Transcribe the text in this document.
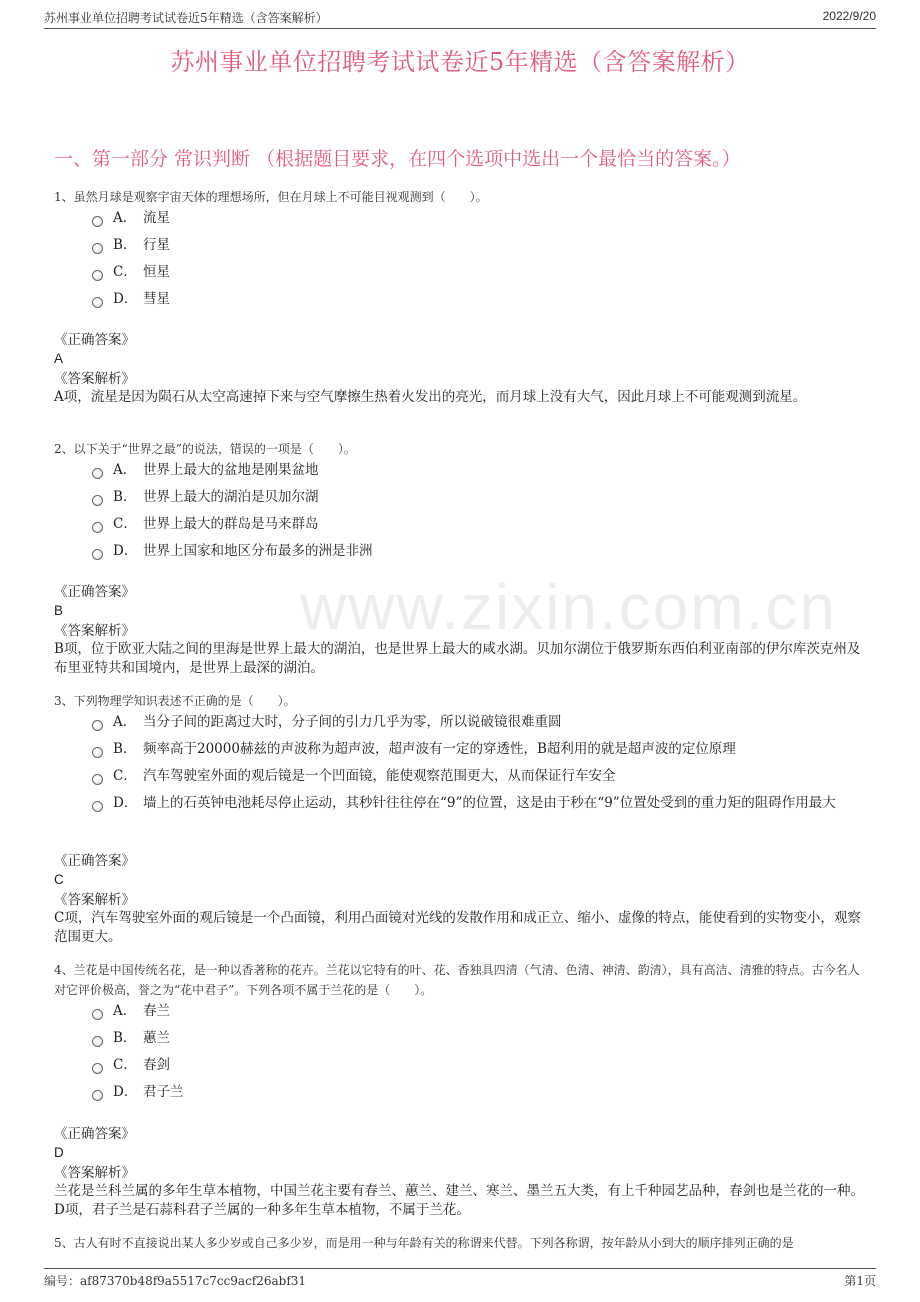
苏州事业单位招聘考试试卷近5年精选（含答案解析）	2022/9/20
www.zixin.com.cn
苏州事业单位招聘考试试卷近5年精选（含答案解析）
一、第一部分 常识判断 （根据题目要求，在四个选项中选出一个最恰当的答案。）
1、虽然月球是观察宇宙天体的理想场所，但在月球上不可能目视观测到（　　）。
A． 流星
B． 行星
C． 恒星
D． 彗星
《正确答案》
A
《答案解析》
A项，流星是因为陨石从太空高速掉下来与空气摩擦生热着火发出的亮光，而月球上没有大气，因此月球上不可能观测到流星。
2、以下关于“世界之最”的说法，错误的一项是（　　）。
A． 世界上最大的盆地是刚果盆地
B． 世界上最大的湖泊是贝加尔湖
C． 世界上最大的群岛是马来群岛
D． 世界上国家和地区分布最多的洲是非洲
《正确答案》
B
《答案解析》
B项，位于欧亚大陆之间的里海是世界上最大的湖泊，也是世界上最大的咸水湖。贝加尔湖位于俄罗斯东西伯利亚南部的伊尔库茨克州及布里亚特共和国境内，是世界上最深的湖泊。
3、下列物理学知识表述不正确的是（　　）。
A． 当分子间的距离过大时，分子间的引力几乎为零，所以说破镜很难重圆
B． 频率高于20000赫兹的声波称为超声波，超声波有一定的穿透性，B超利用的就是超声波的定位原理
C． 汽车驾驶室外面的观后镜是一个凹面镜，能使观察范围更大，从而保证行车安全
D． 墙上的石英钟电池耗尽停止运动，其秒针往往停在“9”的位置，这是由于秒在“9”位置处受到的重力矩的阻碍作用最大
《正确答案》
C
《答案解析》
C项，汽车驾驶室外面的观后镜是一个凸面镜，利用凸面镜对光线的发散作用和成正立、缩小、虚像的特点，能使看到的实物变小，观察范围更大。
4、兰花是中国传统名花，是一种以香著称的花卉。兰花以它特有的叶、花、香独具四清（气清、色清、神清、韵清），具有高洁、清雅的特点。古今名人对它评价极高，誉之为“花中君子”。下列各项不属于兰花的是（　　）。
A． 春兰
B． 蕙兰
C． 春剑
D． 君子兰
《正确答案》
D
《答案解析》
兰花是兰科兰属的多年生草本植物，中国兰花主要有春兰、蕙兰、建兰、寒兰、墨兰五大类，有上千种园艺品种，春剑也是兰花的一种。D项，君子兰是石蒜科君子兰属的一种多年生草本植物，不属于兰花。
5、古人有时不直接说出某人多少岁或自己多少岁，而是用一种与年龄有关的称谓来代替。下列各称谓，按年龄从小到大的顺序排列正确的是
编号：af87370b48f9a5517c7cc9acf26abf31	第1页
